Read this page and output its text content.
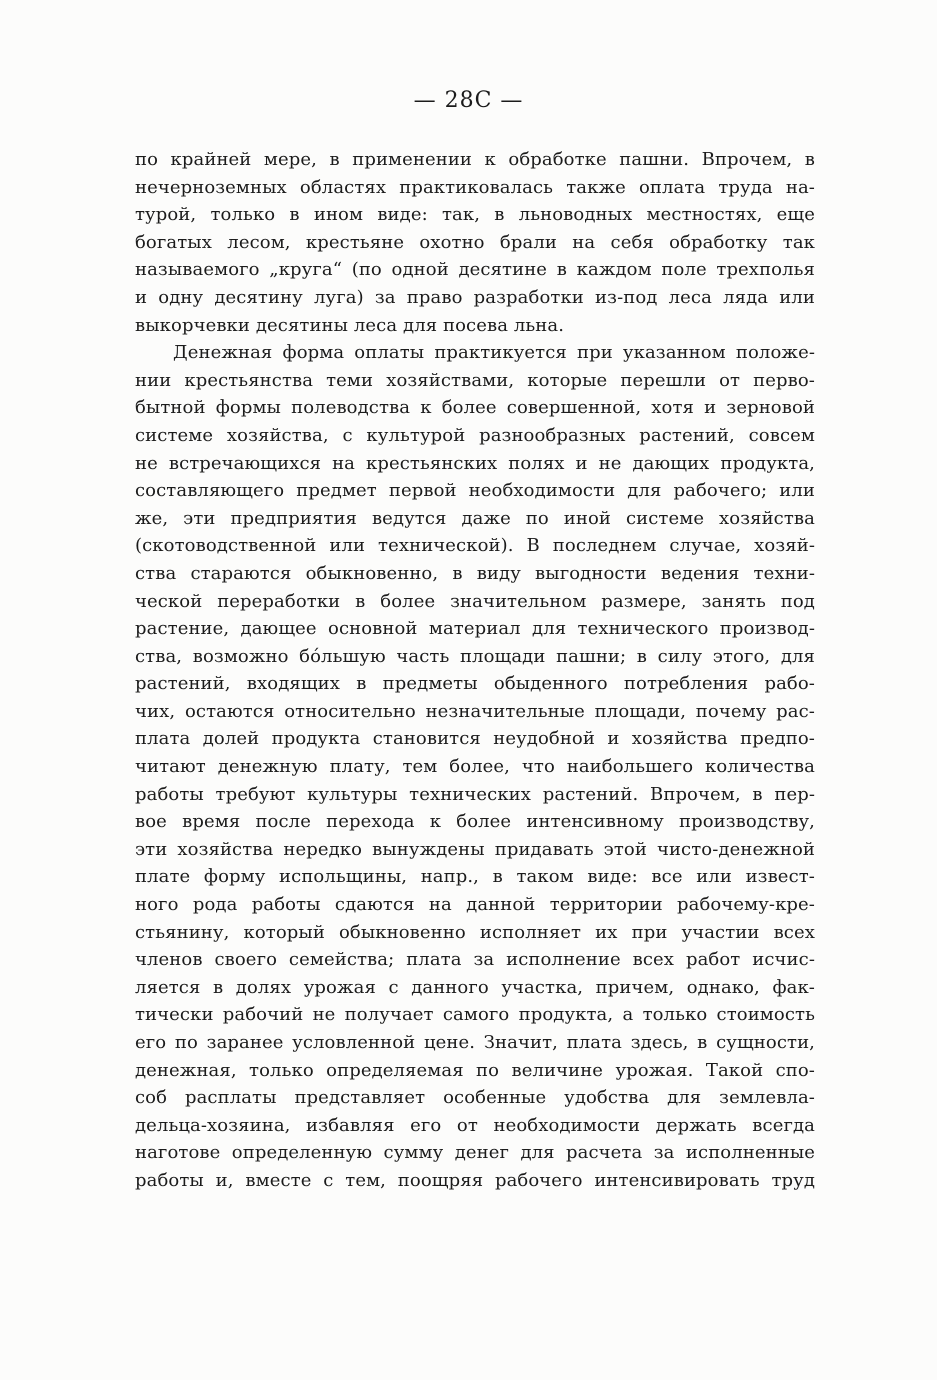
— 28С —
по крайней мере, в применении к обработке пашни. Впрочем, в
нечерноземных областях практиковалась также оплата труда на-
турой, только в ином виде: так, в льноводных местностях, еще
богатых лесом, крестьяне охотно брали на себя обработку так
называемого „круга“ (по одной десятине в каждом поле трехполья
и одну десятину луга) за право разработки из-под леса ляда или
выкорчевки десятины леса для посева льна.
Денежная форма оплаты практикуется при указанном положе-
нии крестьянства теми хозяйствами, которые перешли от перво-
бытной формы полеводства к более совершенной, хотя и зерновой
системе хозяйства, с культурой разнообразных растений, совсем
не встречающихся на крестьянских полях и не дающих продукта,
составляющего предмет первой необходимости для рабочего; или
же, эти предприятия ведутся даже по иной системе хозяйства
(скотоводственной или технической). В последнем случае, хозяй-
ства стараются обыкновенно, в виду выгодности ведения техни-
ческой переработки в более значительном размере, занять под
растение, дающее основной материал для технического производ-
ства, возможно бо́льшую часть площади пашни; в силу этого, для
растений, входящих в предметы обыденного потребления рабо-
чих, остаются относительно незначительные площади, почему рас-
плата долей продукта становится неудобной и хозяйства предпо-
читают денежную плату, тем более, что наибольшего количества
работы требуют культуры технических растений. Впрочем, в пер-
вое время после перехода к более интенсивному производству,
эти хозяйства нередко вынуждены придавать этой чисто-денежной
плате форму испольщины, напр., в таком виде: все или извест-
ного рода работы сдаются на данной территории рабочему-кре-
стьянину, который обыкновенно исполняет их при участии всех
членов своего семейства; плата за исполнение всех работ исчис-
ляется в долях урожая с данного участка, причем, однако, фак-
тически рабочий не получает самого продукта, а только стоимость
его по заранее условленной цене. Значит, плата здесь, в сущности,
денежная, только определяемая по величине урожая. Такой спо-
соб расплаты представляет особенные удобства для землевла-
дельца-хозяина, избавляя его от необходимости держать всегда
наготове определенную сумму денег для расчета за исполненные
работы и, вместе с тем, поощряя рабочего интенсивировать труд
